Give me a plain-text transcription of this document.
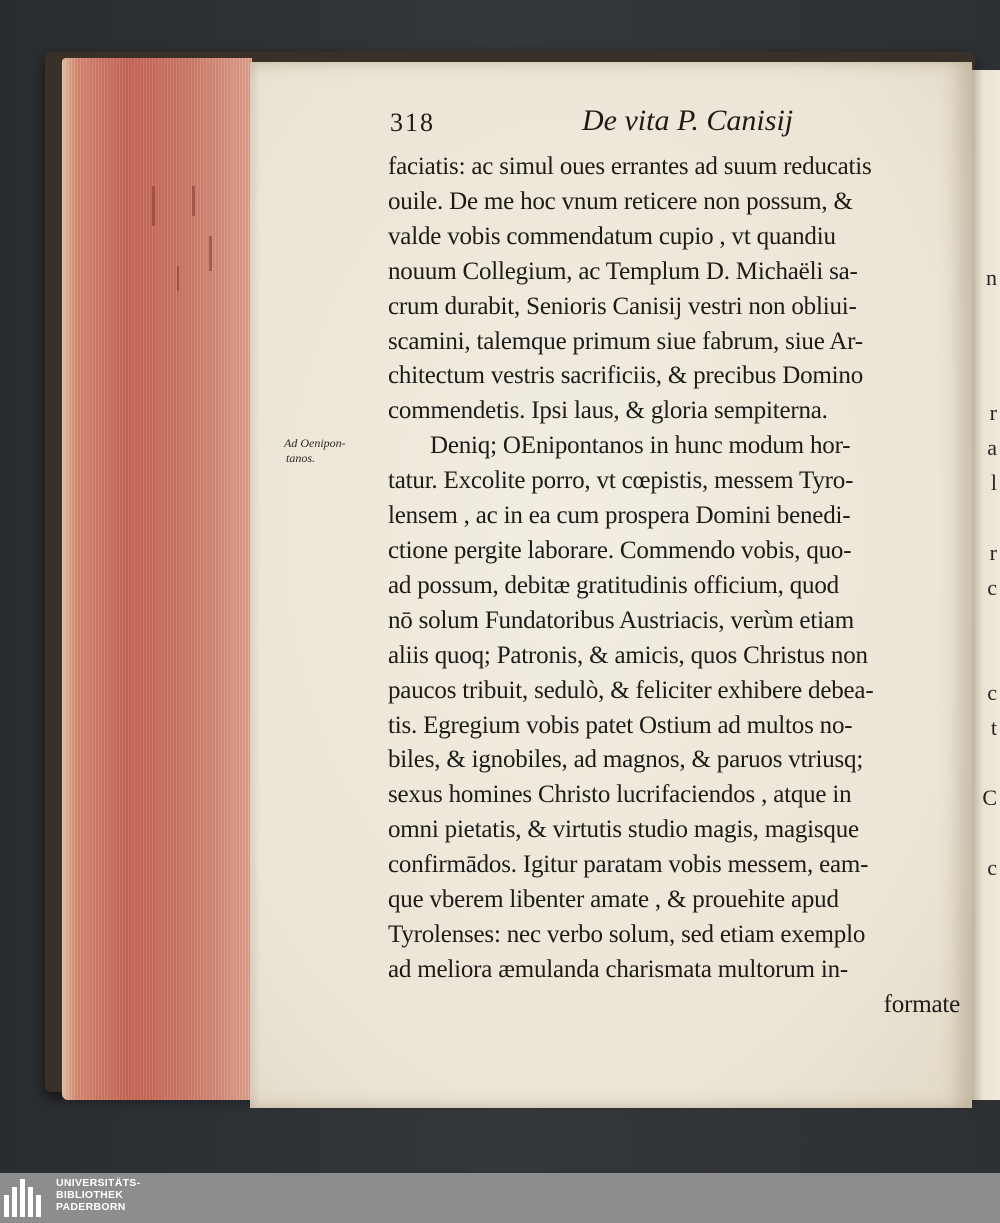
n
r
a
l
r
c
c
t
C
c
318	De vita P. Canisij
Ad Oenipon-
tanos.
faciatis: ac simul oues errantes ad suum reducatis
ouile. De me hoc vnum reticere non possum, &
valde vobis commendatum cupio , vt quandiu
nouum Collegium, ac Templum D. Michaëli sa-
crum durabit, Senioris Canisij vestri non obliui-
scamini, talemque primum siue fabrum, siue Ar-
chitectum vestris sacrificiis, & precibus Domino
commendetis. Ipsi laus, & gloria sempiterna.
Deniq; OEnipontanos in hunc modum hor-
tatur. Excolite porro, vt cœpistis, messem Tyro-
lensem , ac in ea cum prospera Domini benedi-
ctione pergite laborare. Commendo vobis, quo-
ad possum, debitæ gratitudinis officium, quod
nō solum Fundatoribus Austriacis, verùm etiam
aliis quoq; Patronis, & amicis, quos Christus non
paucos tribuit, sedulò, & feliciter exhibere debea-
tis. Egregium vobis patet Ostium ad multos no-
biles, & ignobiles, ad magnos, & paruos vtriusq;
sexus homines Christo lucrifaciendos , atque in
omni pietatis, & virtutis studio magis, magisque
confirmādos. Igitur paratam vobis messem, eam-
que vberem libenter amate , & prouehite apud
Tyrolenses: nec verbo solum, sed etiam exemplo
ad meliora æmulanda charismata multorum in-
formate
UNIVERSITÄTS-
BIBLIOTHEK
PADERBORN
